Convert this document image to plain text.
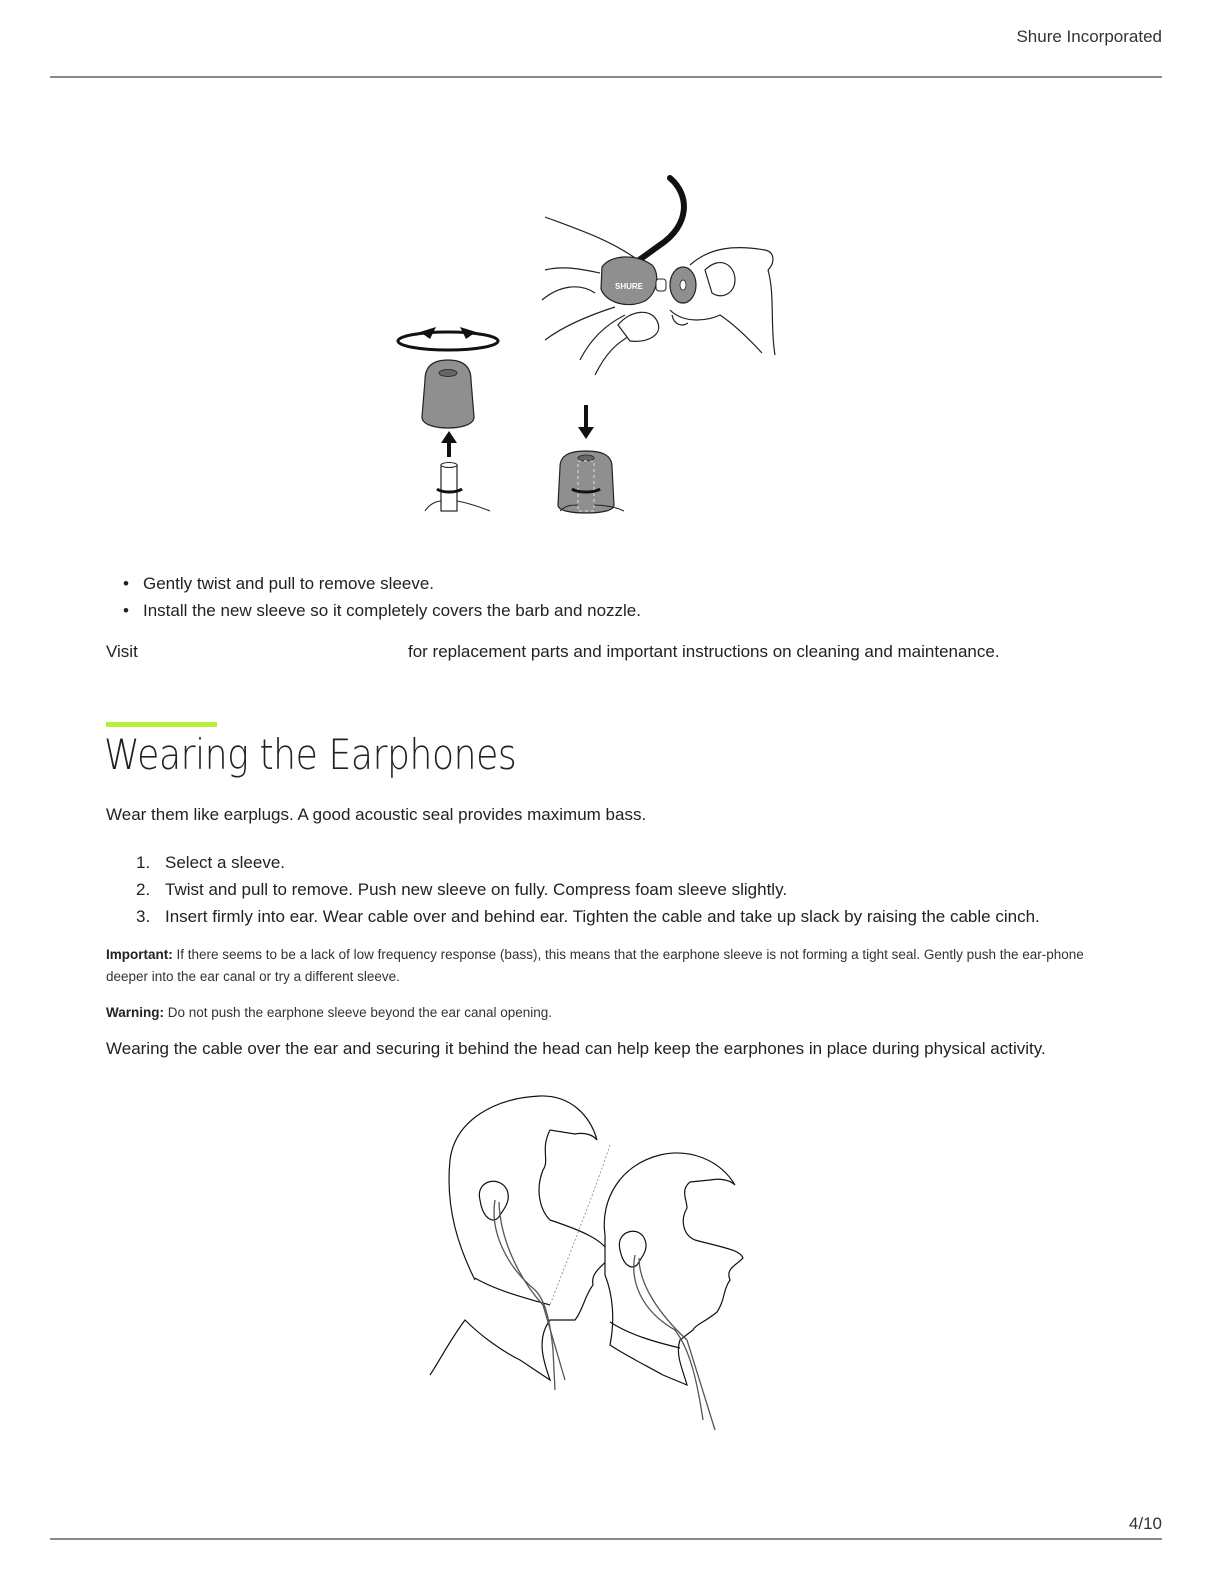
Shure Incorporated
SHURE
• Gently twist and pull to remove sleeve.
• Install the new sleeve so it completely covers the barb and nozzle.
Visit	for replacement parts and important instructions on cleaning and maintenance.
Wearing the Earphones
Wear them like earplugs. A good acoustic seal provides maximum bass.
1. Select a sleeve.
2. Twist and pull to remove. Push new sleeve on fully. Compress foam sleeve slightly.
3. Insert firmly into ear. Wear cable over and behind ear. Tighten the cable and take up slack by raising the cable cinch.
Important: If there seems to be a lack of low frequency response (bass), this means that the earphone sleeve is not forming a tight seal. Gently push the ear-phone deeper into the ear canal or try a different sleeve.
Warning: Do not push the earphone sleeve beyond the ear canal opening.
Wearing the cable over the ear and securing it behind the head can help keep the earphones in place during physical activity.
4/10
